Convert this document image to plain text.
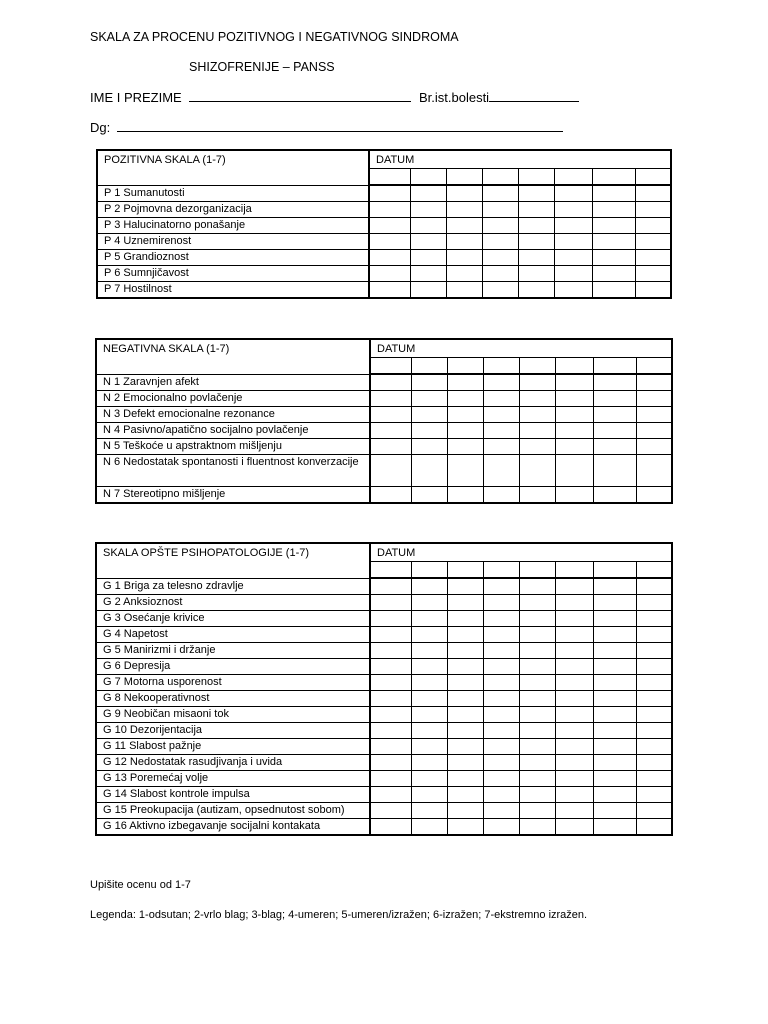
SKALA ZA PROCENU POZITIVNOG I NEGATIVNOG SINDROMA
SHIZOFRENIJE – PANSS
IME I PREZIME	Br.ist.bolesti
Dg:
POZITIVNA SKALA (1-7)	DATUM							

P 1 Sumanutosti								
P 2 Pojmovna dezorganizacija								
P 3 Halucinatorno ponašanje								
P 4 Uznemirenost								
P 5 Grandioznost								
P 6 Sumnjičavost								
P 7 Hostilnost								
NEGATIVNA SKALA (1-7)	DATUM							

N 1 Zaravnjen afekt								
N 2 Emocionalno povlačenje								
N 3 Defekt emocionalne rezonance								
N 4 Pasivno/apatično socijalno povlačenje								
N 5 Teškoće u apstraktnom mišljenju								
N 6 Nedostatak spontanosti i fluentnost konverzacije								
N 7 Stereotipno mišljenje								
SKALA OPŠTE PSIHOPATOLOGIJE (1-7)	DATUM							

G 1 Briga za telesno zdravlje								
G 2 Anksioznost								
G 3 Osećanje krivice								
G 4 Napetost								
G 5 Manirizmi i držanje								
G 6 Depresija								
G 7 Motorna usporenost								
G 8 Nekooperativnost								
G 9 Neobičan misaoni tok								
G 10 Dezorijentacija								
G 11 Slabost pažnje								
G 12 Nedostatak rasudjivanja i uvida								
G 13 Poremećaj volje								
G 14 Slabost kontrole impulsa								
G 15 Preokupacija (autizam, opsednutost sobom)								
G 16 Aktivno izbegavanje socijalni kontakata								
Upišite ocenu od 1-7
Legenda: 1-odsutan; 2-vrlo blag; 3-blag; 4-umeren; 5-umeren/izražen; 6-izražen; 7-ekstremno izražen.
